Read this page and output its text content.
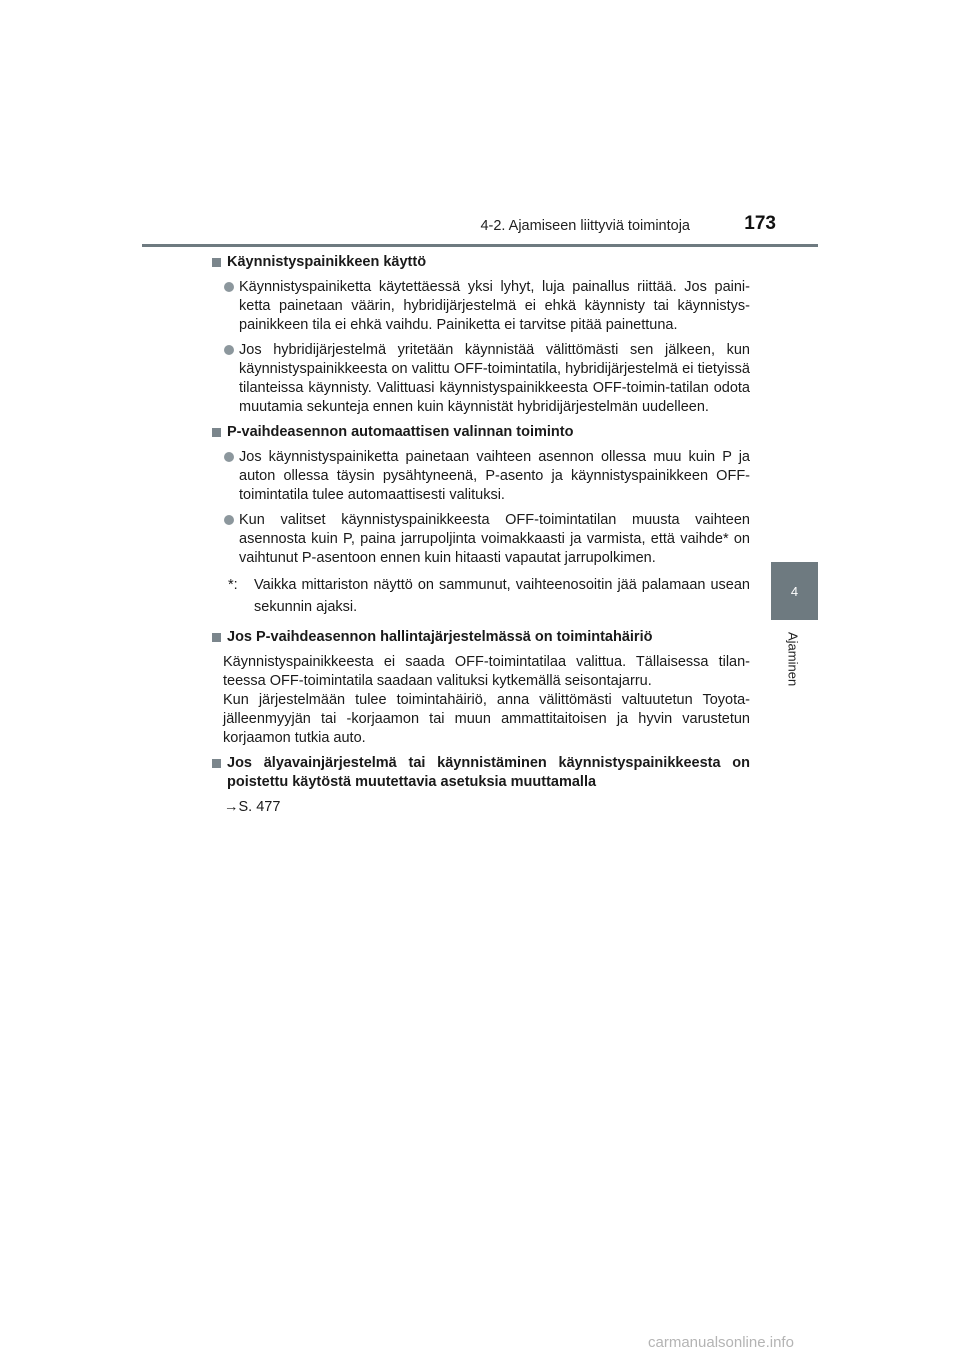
4-2. Ajamiseen liittyviä toimintoja	173
4
Ajaminen
Käynnistyspainikkeen käyttö
Käynnistyspainiketta käytettäessä yksi lyhyt, luja painallus riittää. Jos paini-ketta painetaan väärin, hybridijärjestelmä ei ehkä käynnisty tai käynnistys-painikkeen tila ei ehkä vaihdu. Painiketta ei tarvitse pitää painettuna.
Jos hybridijärjestelmä yritetään käynnistää välittömästi sen jälkeen, kun käynnistyspainikkeesta on valittu OFF-toimintatila, hybridijärjestelmä ei tietyissä tilanteissa käynnisty. Valittuasi käynnistyspainikkeesta OFF-toimin-tatilan odota muutamia sekunteja ennen kuin käynnistät hybridijärjestelmän uudelleen.
P-vaihdeasennon automaattisen valinnan toiminto
Jos käynnistyspainiketta painetaan vaihteen asennon ollessa muu kuin P ja auton ollessa täysin pysähtyneenä, P-asento ja käynnistyspainikkeen OFF-toimintatila tulee automaattisesti valituksi.
Kun valitset käynnistyspainikkeesta OFF-toimintatilan muusta vaihteen asennosta kuin P, paina jarrupoljinta voimakkaasti ja varmista, että vaihde* on vaihtunut P-asentoon ennen kuin hitaasti vapautat jarrupolkimen.
*:	Vaikka mittariston näyttö on sammunut, vaihteenosoitin jää palamaan usean sekunnin ajaksi.
Jos P-vaihdeasennon hallintajärjestelmässä on toimintahäiriö

Käynnistyspainikkeesta ei saada OFF-toimintatilaa valittua. Tällaisessa tilan-teessa OFF-toimintatila saadaan valituksi kytkemällä seisontajarru.

Kun järjestelmään tulee toimintahäiriö, anna välittömästi valtuutetun Toyota-jälleenmyyjän tai -korjaamon tai muun ammattitaitoisen ja hyvin varustetun korjaamon tutkia auto.

Jos älyavainjärjestelmä tai käynnistäminen käynnistyspainikkeesta on poistettu käytöstä muutettavia asetuksia muuttamalla
→S. 477
carmanualsonline.info
